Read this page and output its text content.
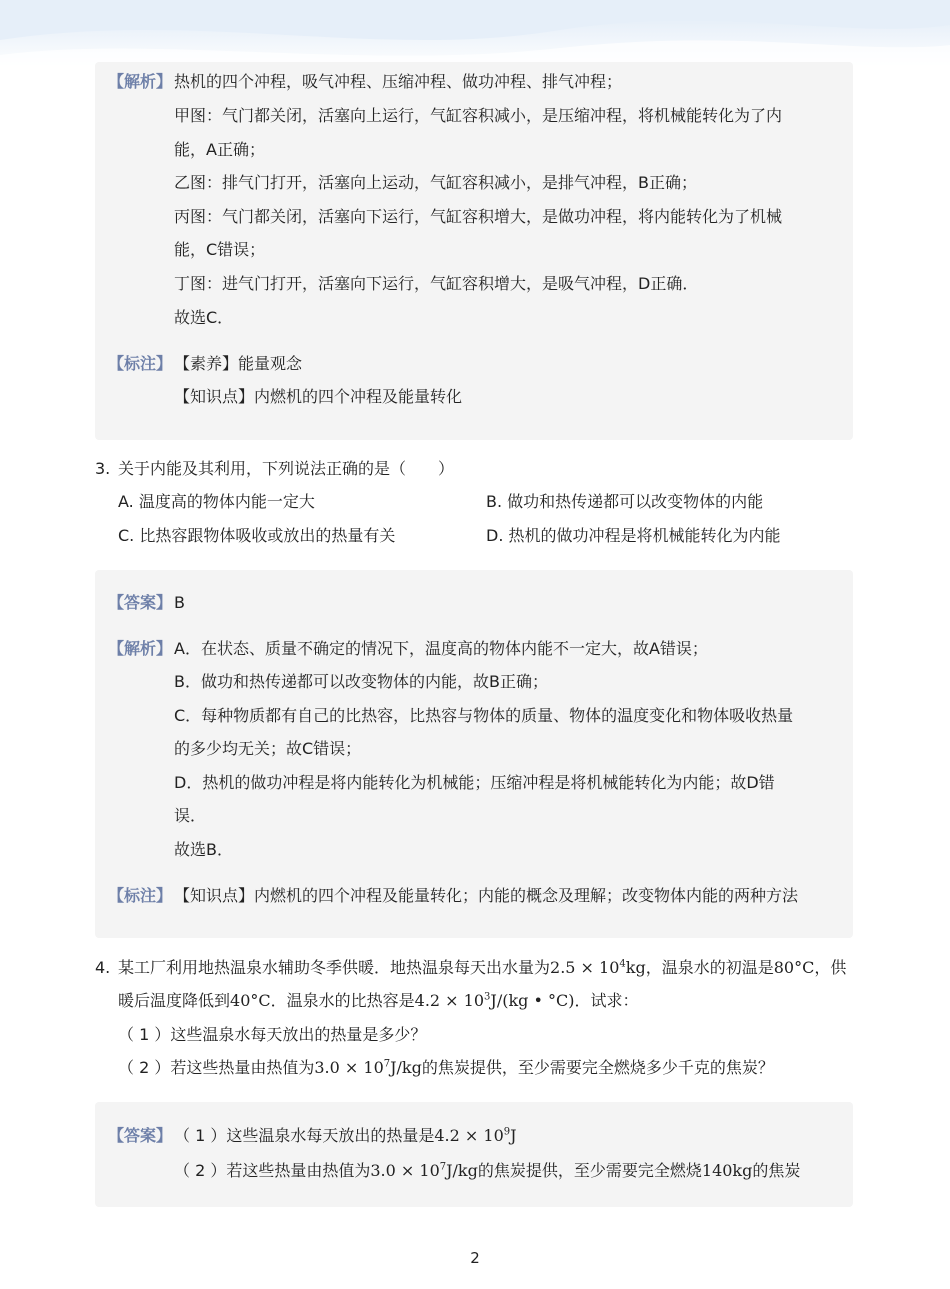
【解析】 热机的四个冲程，吸气冲程、压缩冲程、做功冲程、排气冲程；
甲图：气门都关闭，活塞向上运行，气缸容积减小，是压缩冲程，将机械能转化为了内
能，A正确；
乙图：排气门打开，活塞向上运动，气缸容积减小，是排气冲程，B正确；
丙图：气门都关闭，活塞向下运行，气缸容积增大，是做功冲程，将内能转化为了机械
能，C错误；
丁图：进气门打开，活塞向下运行，气缸容积增大，是吸气冲程，D正确．
故选C．
【标注】 【素养】能量观念
【知识点】内燃机的四个冲程及能量转化
3. 关于内能及其利用，下列说法正确的是（　　）
A. 温度高的物体内能一定大	B. 做功和热传递都可以改变物体的内能
C. 比热容跟物体吸收或放出的热量有关	D. 热机的做功冲程是将机械能转化为内能
【答案】 B
【解析】 A．在状态、质量不确定的情况下，温度高的物体内能不一定大，故A错误；
B．做功和热传递都可以改变物体的内能，故B正确；
C．每种物质都有自己的比热容，比热容与物体的质量、物体的温度变化和物体吸收热量
的多少均无关；故C错误；
D．热机的做功冲程是将内能转化为机械能；压缩冲程是将机械能转化为内能；故D错
误．
故选B．
【标注】 【知识点】内燃机的四个冲程及能量转化；内能的概念及理解；改变物体内能的两种方法
4. 某工厂利用地热温泉水辅助冬季供暖．地热温泉每天出水量为$2.5 \times 10^4kg$，温泉水的初温是80°C，供
暖后温度降低到40°C．温泉水的比热容是$4.2 \times 10^3J/(kg$ • °C)．试求：
（ 1 ）这些温泉水每天放出的热量是多少？
（ 2 ）若这些热量由热值为$3.0 \times 10^7J/kg$的焦炭提供，至少需要完全燃烧多少千克的焦炭？
【答案】 （ 1 ）这些温泉水每天放出的热量是$4.2 \times 10^9J$
（ 2 ）若这些热量由热值为$3.0 \times 10^7J/kg$的焦炭提供，至少需要完全燃烧140kg的焦炭
2
